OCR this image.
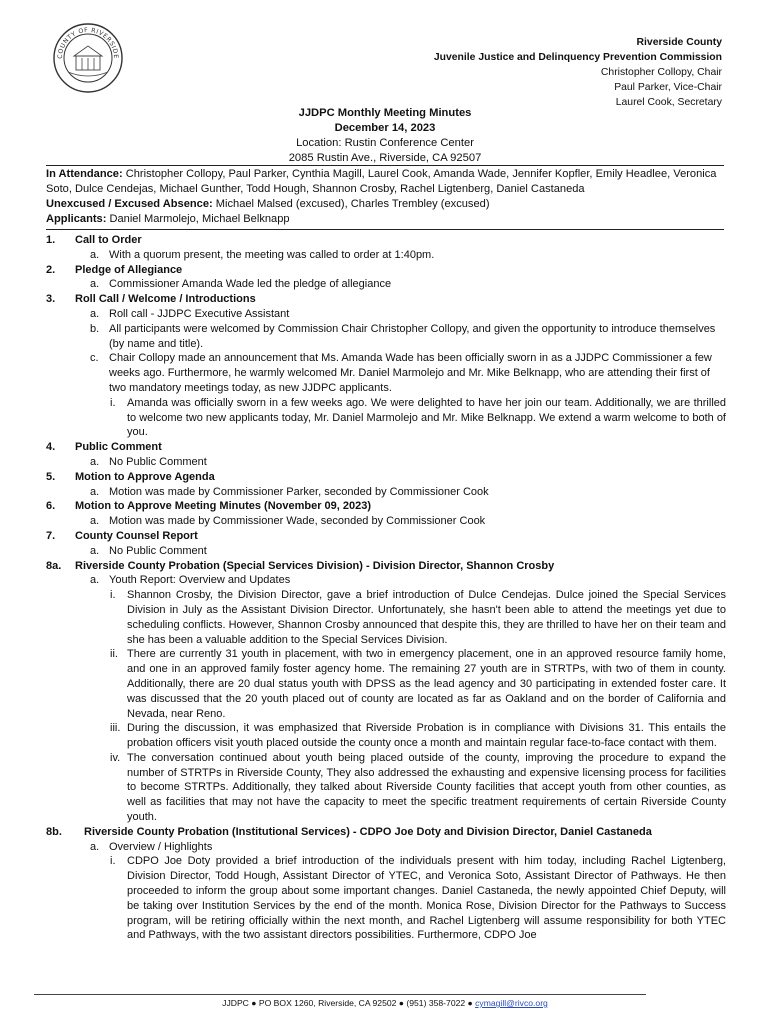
COUNTY OF RIVERSIDE
Riverside County
Juvenile Justice and Delinquency Prevention Commission
Christopher Collopy, Chair
Paul Parker, Vice-Chair
Laurel Cook, Secretary
JJDPC Monthly Meeting Minutes
December 14, 2023
Location: Rustin Conference Center
2085 Rustin Ave., Riverside, CA 92507
In Attendance: Christopher Collopy, Paul Parker, Cynthia Magill, Laurel Cook, Amanda Wade, Jennifer Kopfler, Emily Headlee, Veronica Soto, Dulce Cendejas, Michael Gunther, Todd Hough, Shannon Crosby, Rachel Ligtenberg, Daniel Castaneda
Unexcused / Excused Absence: Michael Malsed (excused), Charles Trembley (excused)
Applicants: Daniel Marmolejo, Michael Belknapp
1. Call to Order
a. With a quorum present, the meeting was called to order at 1:40pm.
2. Pledge of Allegiance
a. Commissioner Amanda Wade led the pledge of allegiance
3. Roll Call / Welcome / Introductions
a. Roll call - JJDPC Executive Assistant
b. All participants were welcomed by Commission Chair Christopher Collopy, and given the opportunity to introduce themselves (by name and title).
c. Chair Collopy made an announcement that Ms. Amanda Wade has been officially sworn in as a JJDPC Commissioner a few weeks ago. Furthermore, he warmly welcomed Mr. Daniel Marmolejo and Mr. Mike Belknapp, who are attending their first of two mandatory meetings today, as new JJDPC applicants.
i. Amanda was officially sworn in a few weeks ago. We were delighted to have her join our team. Additionally, we are thrilled to welcome two new applicants today, Mr. Daniel Marmolejo and Mr. Mike Belknapp. We extend a warm welcome to both of you.
4. Public Comment
a. No Public Comment
5. Motion to Approve Agenda
a. Motion was made by Commissioner Parker, seconded by Commissioner Cook
6. Motion to Approve Meeting Minutes (November 09, 2023)
a. Motion was made by Commissioner Wade, seconded by Commissioner Cook
7. County Counsel Report
a. No Public Comment
8a. Riverside County Probation (Special Services Division) - Division Director, Shannon Crosby
a. Youth Report: Overview and Updates
i. Shannon Crosby, the Division Director, gave a brief introduction of Dulce Cendejas. Dulce joined the Special Services Division in July as the Assistant Division Director. Unfortunately, she hasn't been able to attend the meetings yet due to scheduling conflicts. However, Shannon Crosby announced that despite this, they are thrilled to have her on their team and she has been a valuable addition to the Special Services Division.
ii. There are currently 31 youth in placement, with two in emergency placement, one in an approved resource family home, and one in an approved family foster agency home. The remaining 27 youth are in STRTPs, with two of them in county. Additionally, there are 20 dual status youth with DPSS as the lead agency and 30 participating in extended foster care. It was discussed that the 20 youth placed out of county are located as far as Oakland and on the border of California and Nevada, near Reno.
iii. During the discussion, it was emphasized that Riverside Probation is in compliance with Divisions 31. This entails the probation officers visit youth placed outside the county once a month and maintain regular face-to-face contact with them.
iv. The conversation continued about youth being placed outside of the county, improving the procedure to expand the number of STRTPs in Riverside County, They also addressed the exhausting and expensive licensing process for facilities to become STRTPs. Additionally, they talked about Riverside County facilities that accept youth from other counties, as well as facilities that may not have the capacity to meet the specific treatment requirements of certain Riverside County youth.
8b. Riverside County Probation (Institutional Services) - CDPO Joe Doty and Division Director, Daniel Castaneda
a. Overview / Highlights
i. CDPO Joe Doty provided a brief introduction of the individuals present with him today, including Rachel Ligtenberg, Division Director, Todd Hough, Assistant Director of YTEC, and Veronica Soto, Assistant Director of Pathways. He then proceeded to inform the group about some important changes. Daniel Castaneda, the newly appointed Chief Deputy, will be taking over Institution Services by the end of the month. Monica Rose, Division Director for the Pathways to Success program, will be retiring officially within the next month, and Rachel Ligtenberg will assume responsibility for both YTEC and Pathways, with the two assistant directors possibilities. Furthermore, CDPO Joe
JJDPC ● PO BOX 1260, Riverside, CA 92502 ● (951) 358-7022 ● cymagill@rivco.org
